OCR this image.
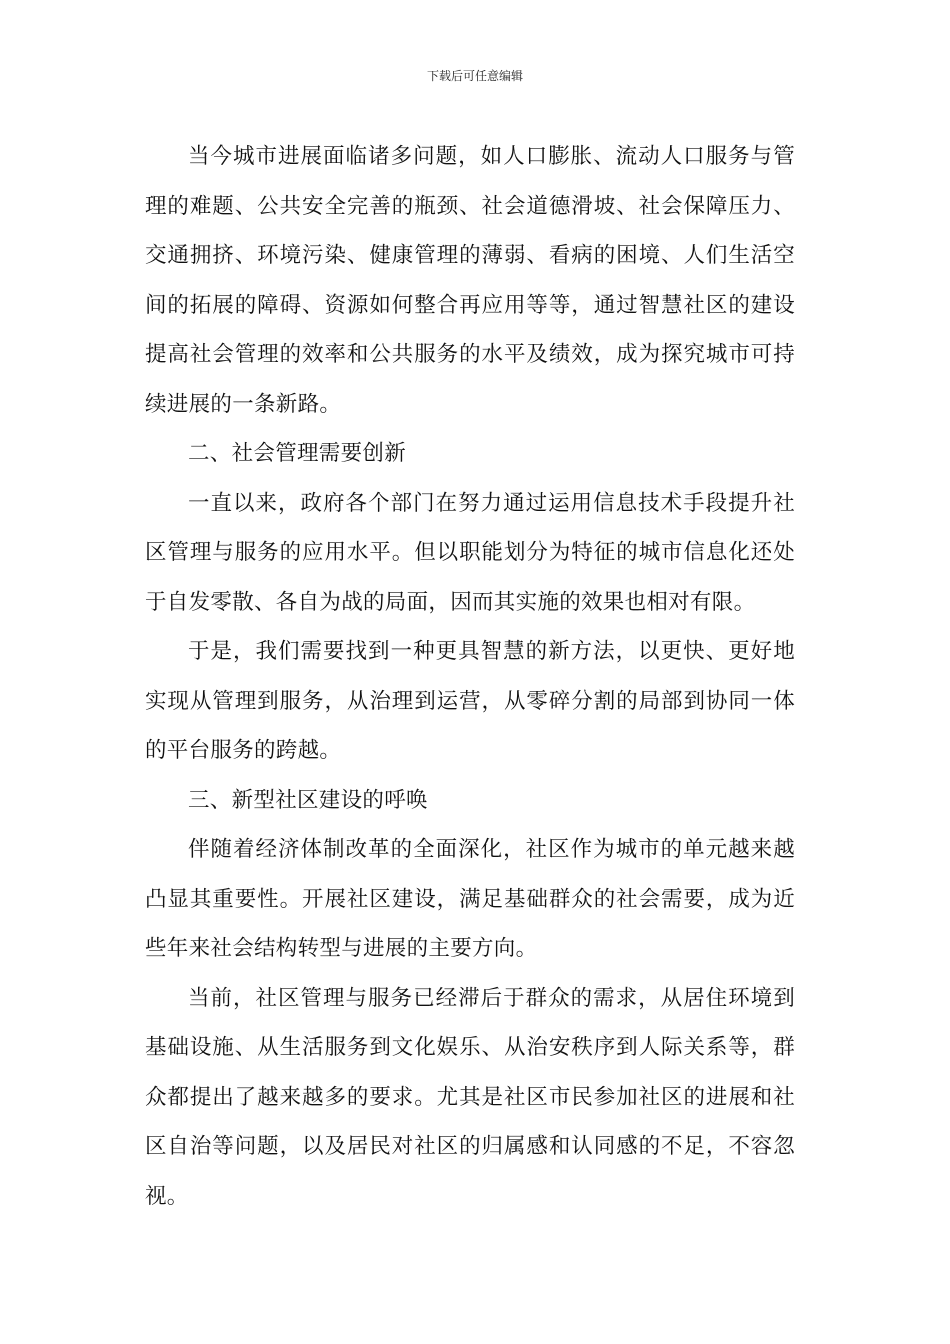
下载后可任意编辑

当今城市进展面临诸多问题，如人口膨胀、流动人口服务与管理的难题、公共安全完善的瓶颈、社会道德滑坡、社会保障压力、交通拥挤、环境污染、健康管理的薄弱、看病的困境、人们生活空间的拓展的障碍、资源如何整合再应用等等，通过智慧社区的建设提高社会管理的效率和公共服务的水平及绩效，成为探究城市可持续进展的一条新路。

二、社会管理需要创新

一直以来，政府各个部门在努力通过运用信息技术手段提升社区管理与服务的应用水平。但以职能划分为特征的城市信息化还处于自发零散、各自为战的局面，因而其实施的效果也相对有限。

于是，我们需要找到一种更具智慧的新方法，以更快、更好地实现从管理到服务，从治理到运营，从零碎分割的局部到协同一体的平台服务的跨越。

三、新型社区建设的呼唤

伴随着经济体制改革的全面深化，社区作为城市的单元越来越凸显其重要性。开展社区建设，满足基础群众的社会需要，成为近些年来社会结构转型与进展的主要方向。

当前，社区管理与服务已经滞后于群众的需求，从居住环境到基础设施、从生活服务到文化娱乐、从治安秩序到人际关系等，群众都提出了越来越多的要求。尤其是社区市民参加社区的进展和社区自治等问题，以及居民对社区的归属感和认同感的不足，不容忽视。
